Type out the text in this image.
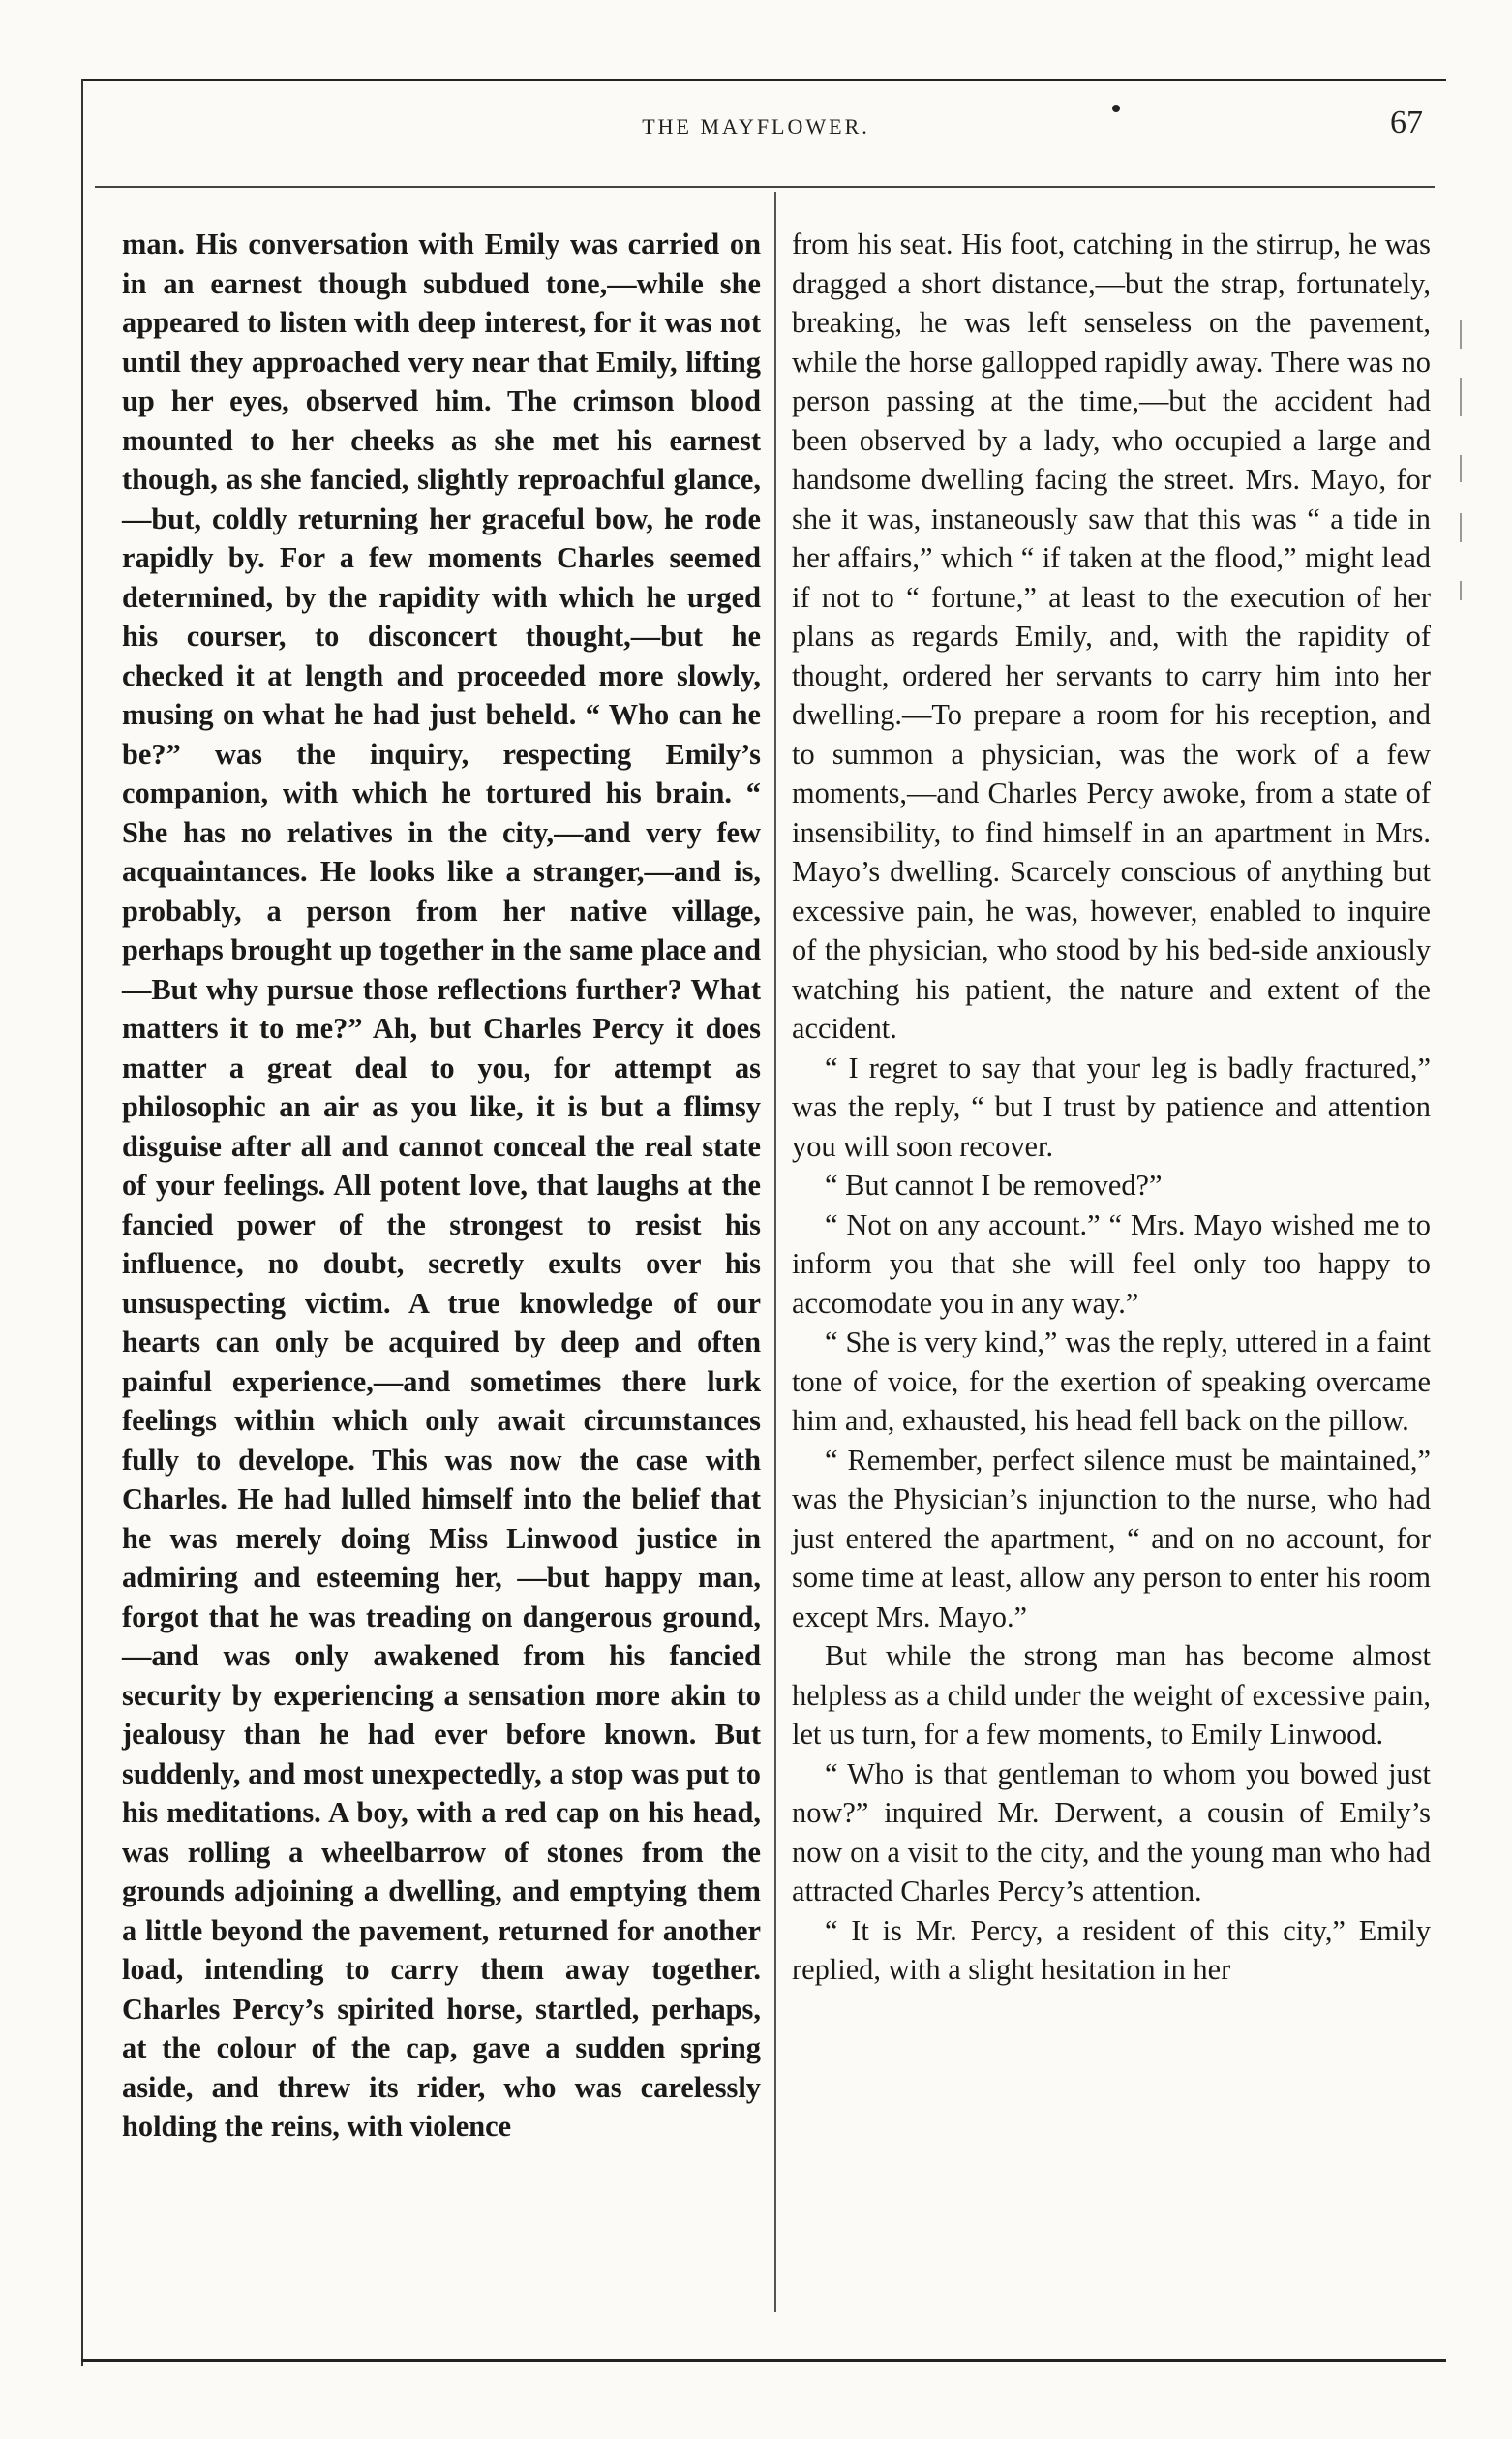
THE MAYFLOWER.	67

man. His conversation with Emily was carried on in an earnest though subdued tone,—while she appeared to listen with deep interest, for it was not until they approached very near that Emily, lifting up her eyes, observed him. The crimson blood mounted to her cheeks as she met his earnest though, as she fancied, slightly reproachful glance,—but, coldly returning her graceful bow, he rode rapidly by. For a few moments Charles seemed determined, by the rapidity with which he urged his courser, to disconcert thought,—but he checked it at length and proceeded more slowly, musing on what he had just beheld. “ Who can he be?” was the inquiry, respecting Emily’s companion, with which he tortured his brain. “ She has no relatives in the city,—and very few acquaintances. He looks like a stranger,—and is, probably, a person from her native village, perhaps brought up together in the same place and—But why pursue those reflections further? What matters it to me?” Ah, but Charles Percy it does matter a great deal to you, for attempt as philosophic an air as you like, it is but a flimsy disguise after all and cannot conceal the real state of your feelings. All potent love, that laughs at the fancied power of the strongest to resist his influence, no doubt, secretly exults over his unsuspecting victim. A true knowledge of our hearts can only be acquired by deep and often painful experience,—and sometimes there lurk feelings within which only await circumstances fully to develope. This was now the case with Charles. He had lulled himself into the belief that he was merely doing Miss Linwood justice in admiring and esteeming her, —but happy man, forgot that he was treading on dangerous ground,—and was only awakened from his fancied security by experiencing a sensation more akin to jealousy than he had ever before known. But suddenly, and most unexpectedly, a stop was put to his meditations. A boy, with a red cap on his head, was rolling a wheelbarrow of stones from the grounds adjoining a dwelling, and emptying them a little beyond the pavement, returned for another load, intending to carry them away together. Charles Percy’s spirited horse, startled, perhaps, at the colour of the cap, gave a sudden spring aside, and threw its rider, who was carelessly holding the reins, with violence

from his seat. His foot, catching in the stirrup, he was dragged a short distance,—but the strap, fortunately, breaking, he was left senseless on the pavement, while the horse gallopped rapidly away. There was no person passing at the time,—but the accident had been observed by a lady, who occupied a large and handsome dwelling facing the street. Mrs. Mayo, for she it was, instaneously saw that this was “ a tide in her affairs,” which “ if taken at the flood,” might lead if not to “ fortune,” at least to the execution of her plans as regards Emily, and, with the rapidity of thought, ordered her servants to carry him into her dwelling.—To prepare a room for his reception, and to summon a physician, was the work of a few moments,—and Charles Percy awoke, from a state of insensibility, to find himself in an apartment in Mrs. Mayo’s dwelling. Scarcely conscious of anything but excessive pain, he was, however, enabled to inquire of the physician, who stood by his bed-side anxiously watching his patient, the nature and extent of the accident.

“ I regret to say that your leg is badly fractured,” was the reply, “ but I trust by patience and attention you will soon recover.

“ But cannot I be removed?”

“ Not on any account.” “ Mrs. Mayo wished me to inform you that she will feel only too happy to accomodate you in any way.”

“ She is very kind,” was the reply, uttered in a faint tone of voice, for the exertion of speaking overcame him and, exhausted, his head fell back on the pillow.

“ Remember, perfect silence must be maintained,” was the Physician’s injunction to the nurse, who had just entered the apartment, “ and on no account, for some time at least, allow any person to enter his room except Mrs. Mayo.”

But while the strong man has become almost helpless as a child under the weight of excessive pain, let us turn, for a few moments, to Emily Linwood.

“ Who is that gentleman to whom you bowed just now?” inquired Mr. Derwent, a cousin of Emily’s now on a visit to the city, and the young man who had attracted Charles Percy’s attention.

“ It is Mr. Percy, a resident of this city,” Emily replied, with a slight hesitation in her
